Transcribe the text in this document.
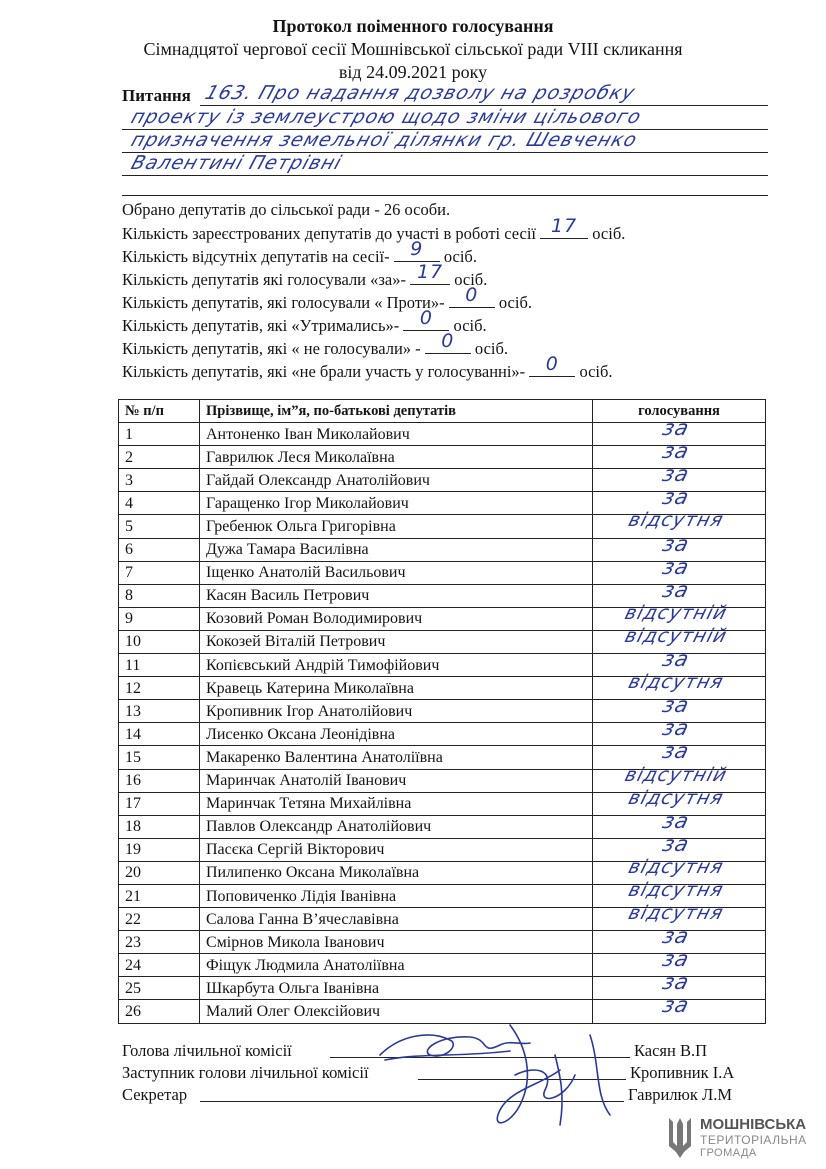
Протокол поіменного голосування
Сімнадцятої чергової сесії Мошнівської сільської ради VIII скликання
від 24.09.2021 року
Питання 163. Про надання дозволу на розробку
проекту із землеустрою щодо зміни цільового
призначення земельної ділянки гр. Шевченко
Валентині Петрівні
Обрано депутатів до сільської ради - 26 особи.
Кількість зареєстрованих депутатів до участі в роботі сесії 17 осіб.
Кількість відсутніх депутатів на сесії-	9	осіб.
Кількість депутатів які голосували «за»- 17 осіб.
Кількість депутатів, які голосували « Проти»-	0	осіб.
Кількість депутатів, які «Утримались»-	0	осіб.
Кількість депутатів, які « не голосували» -	0	осіб.
Кількість депутатів, які «не брали участь у голосуванні»-	0	осіб.
№ п/п	Прізвище, ім”я, по-батькові депутатів	голосування
1	Антоненко Іван Миколайович	за

2	Гаврилюк Леся Миколаївна	за

3	Гайдай Олександр Анатолійович	за

4	Гаращенко Ігор Миколайович	за

5	Гребенюк Ольга Григорівна	відсутня

6	Дужа Тамара Василівна	за

7	Іщенко Анатолій Васильович	за

8	Касян Василь Петрович	за

9	Козовий Роман Володимирович	відсутній

10	Кокозей Віталій Петрович	відсутній

11	Копієвський Андрій Тимофійович	за

12	Кравець Катерина Миколаївна	відсутня

13	Кропивник Ігор Анатолійович	за

14	Лисенко Оксана Леонідівна	за

15	Макаренко Валентина Анатоліївна	за

16	Маринчак Анатолій Іванович	відсутній

17	Маринчак Тетяна Михайлівна	відсутня

18	Павлов Олександр Анатолійович	за

19	Пасєка Сергій Вікторович	за

20	Пилипенко Оксана Миколаївна	відсутня

21	Поповиченко Лідія Іванівна	відсутня

22	Салова Ганна В’ячеславівна	відсутня

23	Смірнов Микола Іванович	за

24	Фіщук Людмила Анатоліївна	за

25	Шкарбута Ольга Іванівна	за

26	Малий Олег Олексійович	за
Голова лічильної комісії	Касян В.П
Заступник голови лічильної комісії	Кропивник І.А
Секретар	Гаврилюк Л.М
МОШНІВСЬКА
ТЕРИТОРІАЛЬНА
ГРОМАДА
